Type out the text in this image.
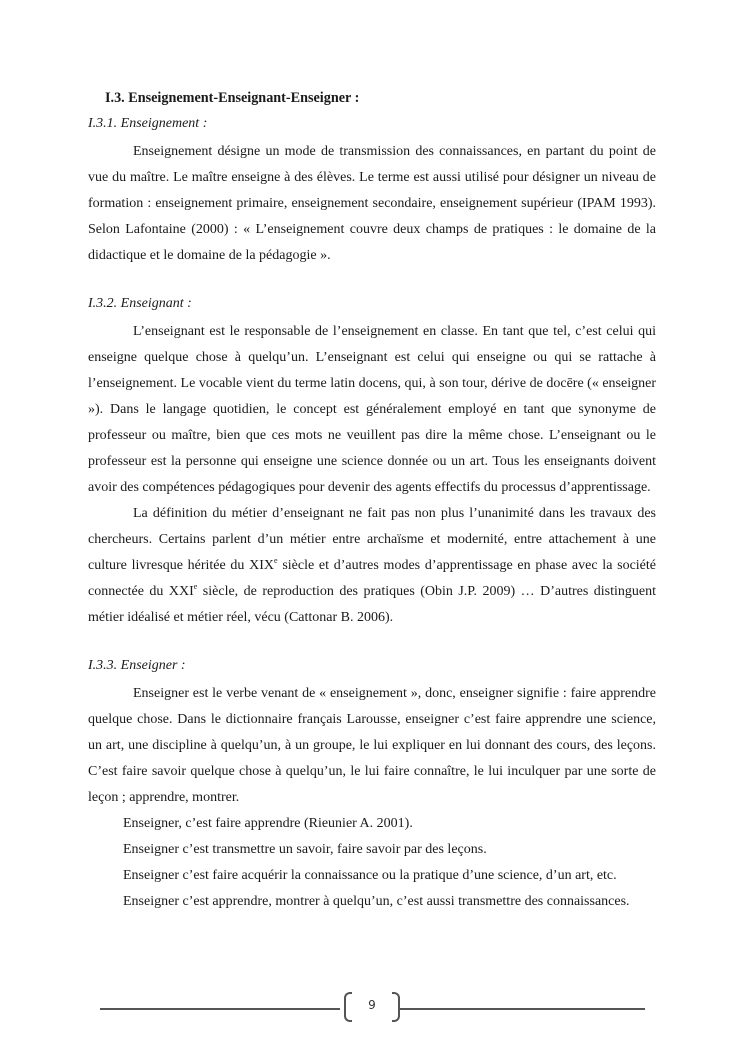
I.3. Enseignement-Enseignant-Enseigner :
I.3.1. Enseignement :

Enseignement désigne un mode de transmission des connaissances, en partant du point de vue du maître. Le maître enseigne à des élèves. Le terme est aussi utilisé pour désigner un niveau de formation : enseignement primaire, enseignement secondaire, enseignement supérieur (IPAM 1993). Selon Lafontaine (2000) : « L’enseignement couvre deux champs de pratiques : le domaine de la didactique et le domaine de la pédagogie ».

I.3.2. Enseignant :

L’enseignant est le responsable de l’enseignement en classe. En tant que tel, c’est celui qui enseigne quelque chose à quelqu’un. L’enseignant est celui qui enseigne ou qui se rattache à l’enseignement. Le vocable vient du terme latin docens, qui, à son tour, dérive de docēre (« enseigner »). Dans le langage quotidien, le concept est généralement employé en tant que synonyme de professeur ou maître, bien que ces mots ne veuillent pas dire la même chose. L’enseignant ou le professeur est la personne qui enseigne une science donnée ou un art. Tous les enseignants doivent avoir des compétences pédagogiques pour devenir des agents effectifs du processus d’apprentissage.

La définition du métier d’enseignant ne fait pas non plus l’unanimité dans les travaux des chercheurs. Certains parlent d’un métier entre archaïsme et modernité, entre attachement à une culture livresque héritée du XIXe siècle et d’autres modes d’apprentissage en phase avec la société connectée du XXIe siècle, de reproduction des pratiques (Obin J.P. 2009) … D’autres distinguent métier idéalisé et métier réel, vécu (Cattonar B. 2006).

I.3.3. Enseigner :

Enseigner est le verbe venant de « enseignement », donc, enseigner signifie : faire apprendre quelque chose. Dans le dictionnaire français Larousse, enseigner c’est faire apprendre une science, un art, une discipline à quelqu’un, à un groupe, le lui expliquer en lui donnant des cours, des leçons. C’est faire savoir quelque chose à quelqu’un, le lui faire connaître, le lui inculquer par une sorte de leçon ; apprendre, montrer.

Enseigner, c’est faire apprendre (Rieunier A. 2001).

Enseigner c’est transmettre un savoir, faire savoir par des leçons.

Enseigner c’est faire acquérir la connaissance ou la pratique d’une science, d’un art, etc.

Enseigner c’est apprendre, montrer à quelqu’un, c’est aussi transmettre des connaissances.

9
